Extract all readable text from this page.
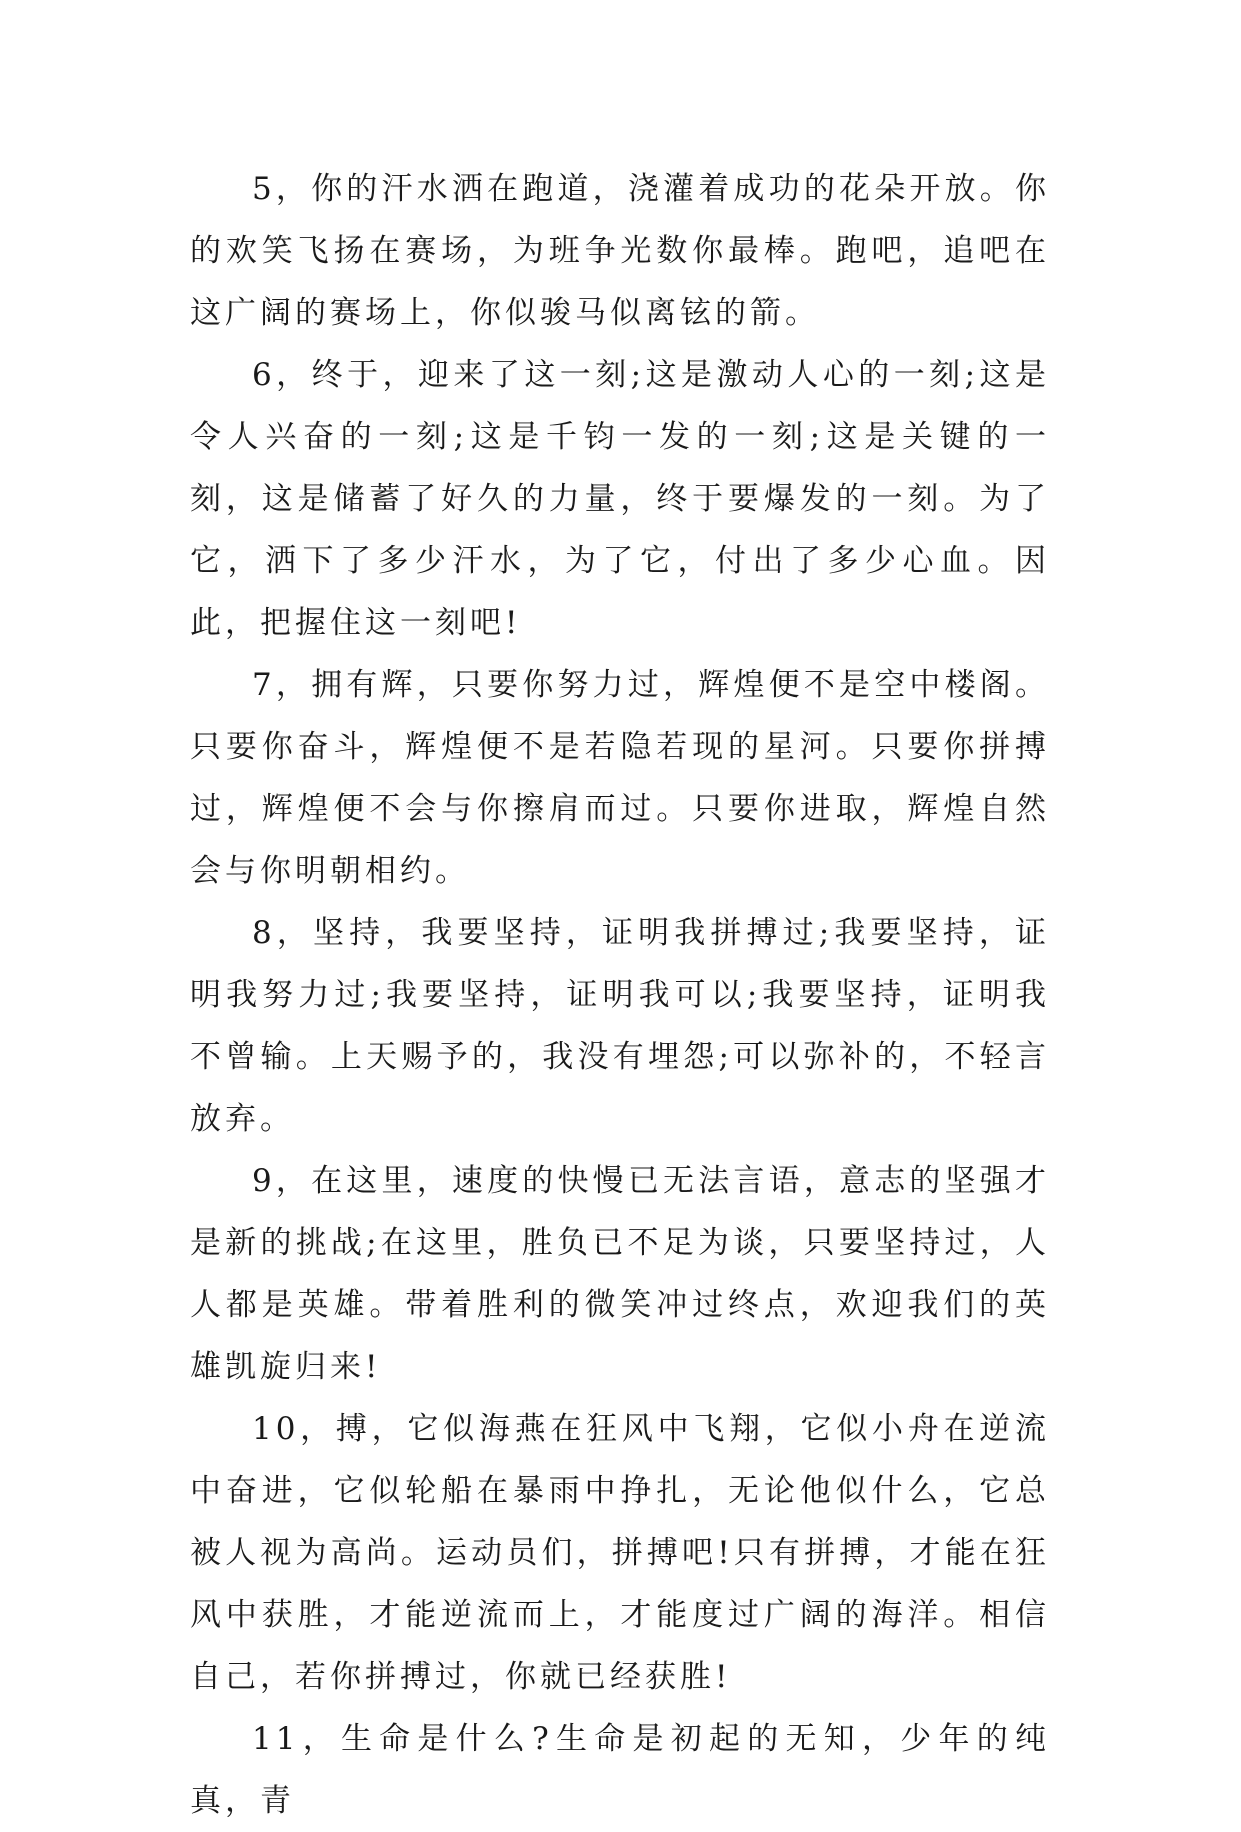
5，你的汗水洒在跑道，浇灌着成功的花朵开放。你的欢笑飞扬在赛场，为班争光数你最棒。跑吧，追吧在这广阔的赛场上，你似骏马似离铉的箭。

6，终于，迎来了这一刻;这是激动人心的一刻;这是令人兴奋的一刻;这是千钧一发的一刻;这是关键的一刻，这是储蓄了好久的力量，终于要爆发的一刻。为了它，洒下了多少汗水，为了它，付出了多少心血。因此，把握住这一刻吧!

7，拥有辉，只要你努力过，辉煌便不是空中楼阁。只要你奋斗，辉煌便不是若隐若现的星河。只要你拼搏过，辉煌便不会与你擦肩而过。只要你进取，辉煌自然会与你明朝相约。

8，坚持，我要坚持，证明我拼搏过;我要坚持，证明我努力过;我要坚持，证明我可以;我要坚持，证明我不曾输。上天赐予的，我没有埋怨;可以弥补的，不轻言放弃。

9，在这里，速度的快慢已无法言语，意志的坚强才是新的挑战;在这里，胜负已不足为谈，只要坚持过，人人都是英雄。带着胜利的微笑冲过终点，欢迎我们的英雄凯旋归来!

10，搏，它似海燕在狂风中飞翔，它似小舟在逆流中奋进，它似轮船在暴雨中挣扎，无论他似什么，它总被人视为高尚。运动员们，拼搏吧!只有拼搏，才能在狂风中获胜，才能逆流而上，才能度过广阔的海洋。相信自己，若你拼搏过，你就已经获胜!

11，生命是什么?生命是初起的无知，少年的纯真，青
